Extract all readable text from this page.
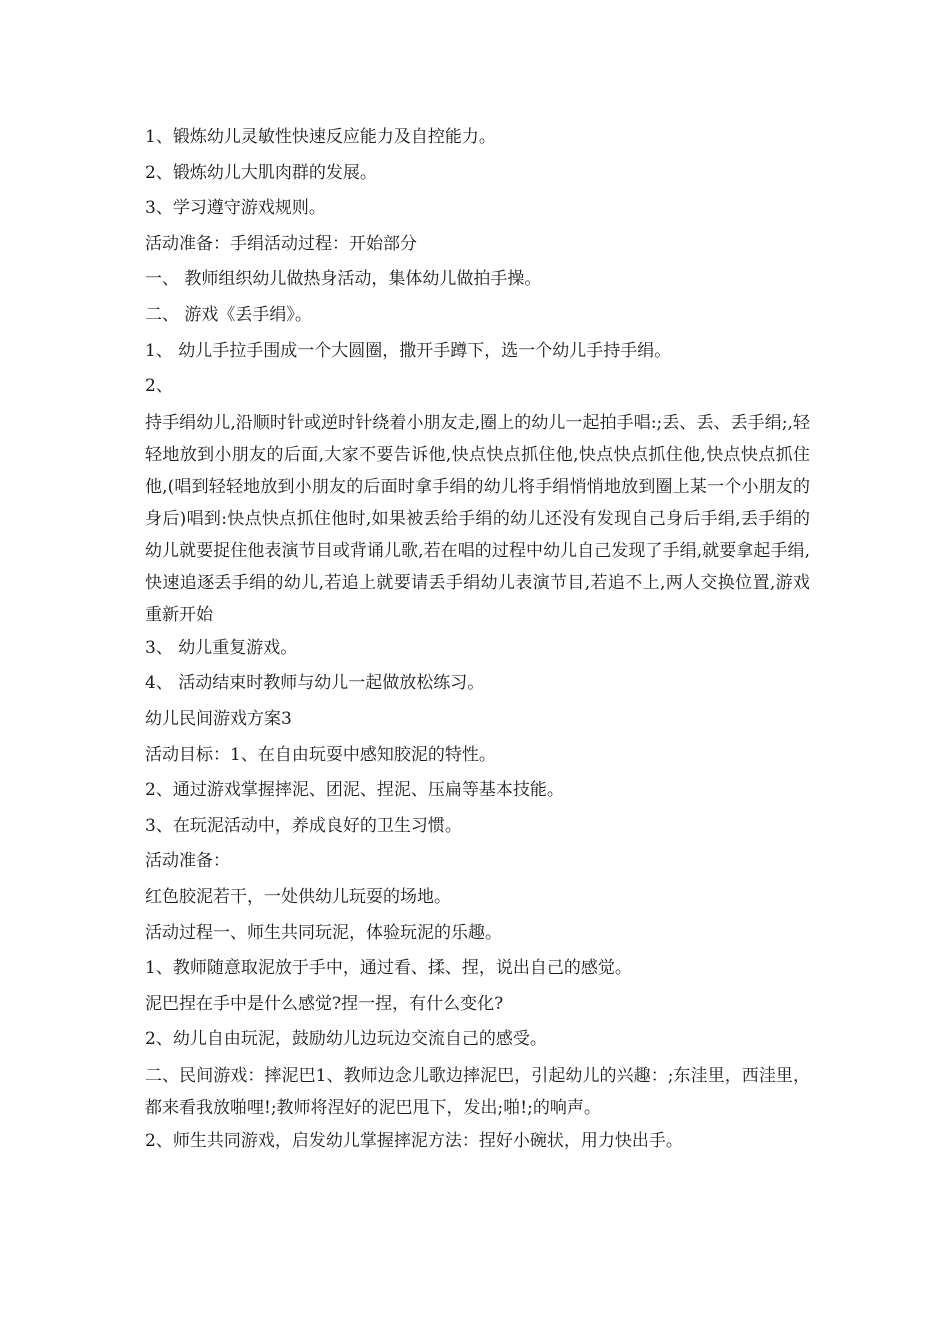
1、锻炼幼儿灵敏性快速反应能力及自控能力。
2、锻炼幼儿大肌肉群的发展。
3、学习遵守游戏规则。
活动准备：手绢活动过程：开始部分
一、 教师组织幼儿做热身活动，集体幼儿做拍手操。
二、 游戏《丢手绢》。
1、 幼儿手拉手围成一个大圆圈，撒开手蹲下，选一个幼儿手持手绢。
2、

持手绢幼儿,沿顺时针或逆时针绕着小朋友走,圈上的幼儿一起拍手唱:;丢、丢、丢手绢;,轻轻地放到小朋友的后面,大家不要告诉他,快点快点抓住他,快点快点抓住他,快点快点抓住他,(唱到轻轻地放到小朋友的后面时拿手绢的幼儿将手绢悄悄地放到圈上某一个小朋友的身后)唱到:快点快点抓住他时,如果被丢给手绢的幼儿还没有发现自己身后手绢,丢手绢的幼儿就要捉住他表演节目或背诵儿歌,若在唱的过程中幼儿自己发现了手绢,就要拿起手绢,快速追逐丢手绢的幼儿,若追上就要请丢手绢幼儿表演节目,若追不上,两人交换位置,游戏重新开始

3、 幼儿重复游戏。
4、 活动结束时教师与幼儿一起做放松练习。
幼儿民间游戏方案3
活动目标：1、在自由玩耍中感知胶泥的特性。
2、通过游戏掌握摔泥、团泥、捏泥、压扁等基本技能。
3、在玩泥活动中，养成良好的卫生习惯。
活动准备：
红色胶泥若干，一处供幼儿玩耍的场地。
活动过程一、师生共同玩泥，体验玩泥的乐趣。
1、教师随意取泥放于手中，通过看、揉、捏，说出自己的感觉。
泥巴捏在手中是什么感觉?捏一捏，有什么变化?
2、幼儿自由玩泥，鼓励幼儿边玩边交流自己的感受。

二、民间游戏：摔泥巴1、教师边念儿歌边摔泥巴，引起幼儿的兴趣：;东洼里，西洼里，都来看我放啪哩!;教师将涅好的泥巴甩下，发出;啪!;的响声。

2、师生共同游戏，启发幼儿掌握摔泥方法：捏好小碗状，用力快出手。
